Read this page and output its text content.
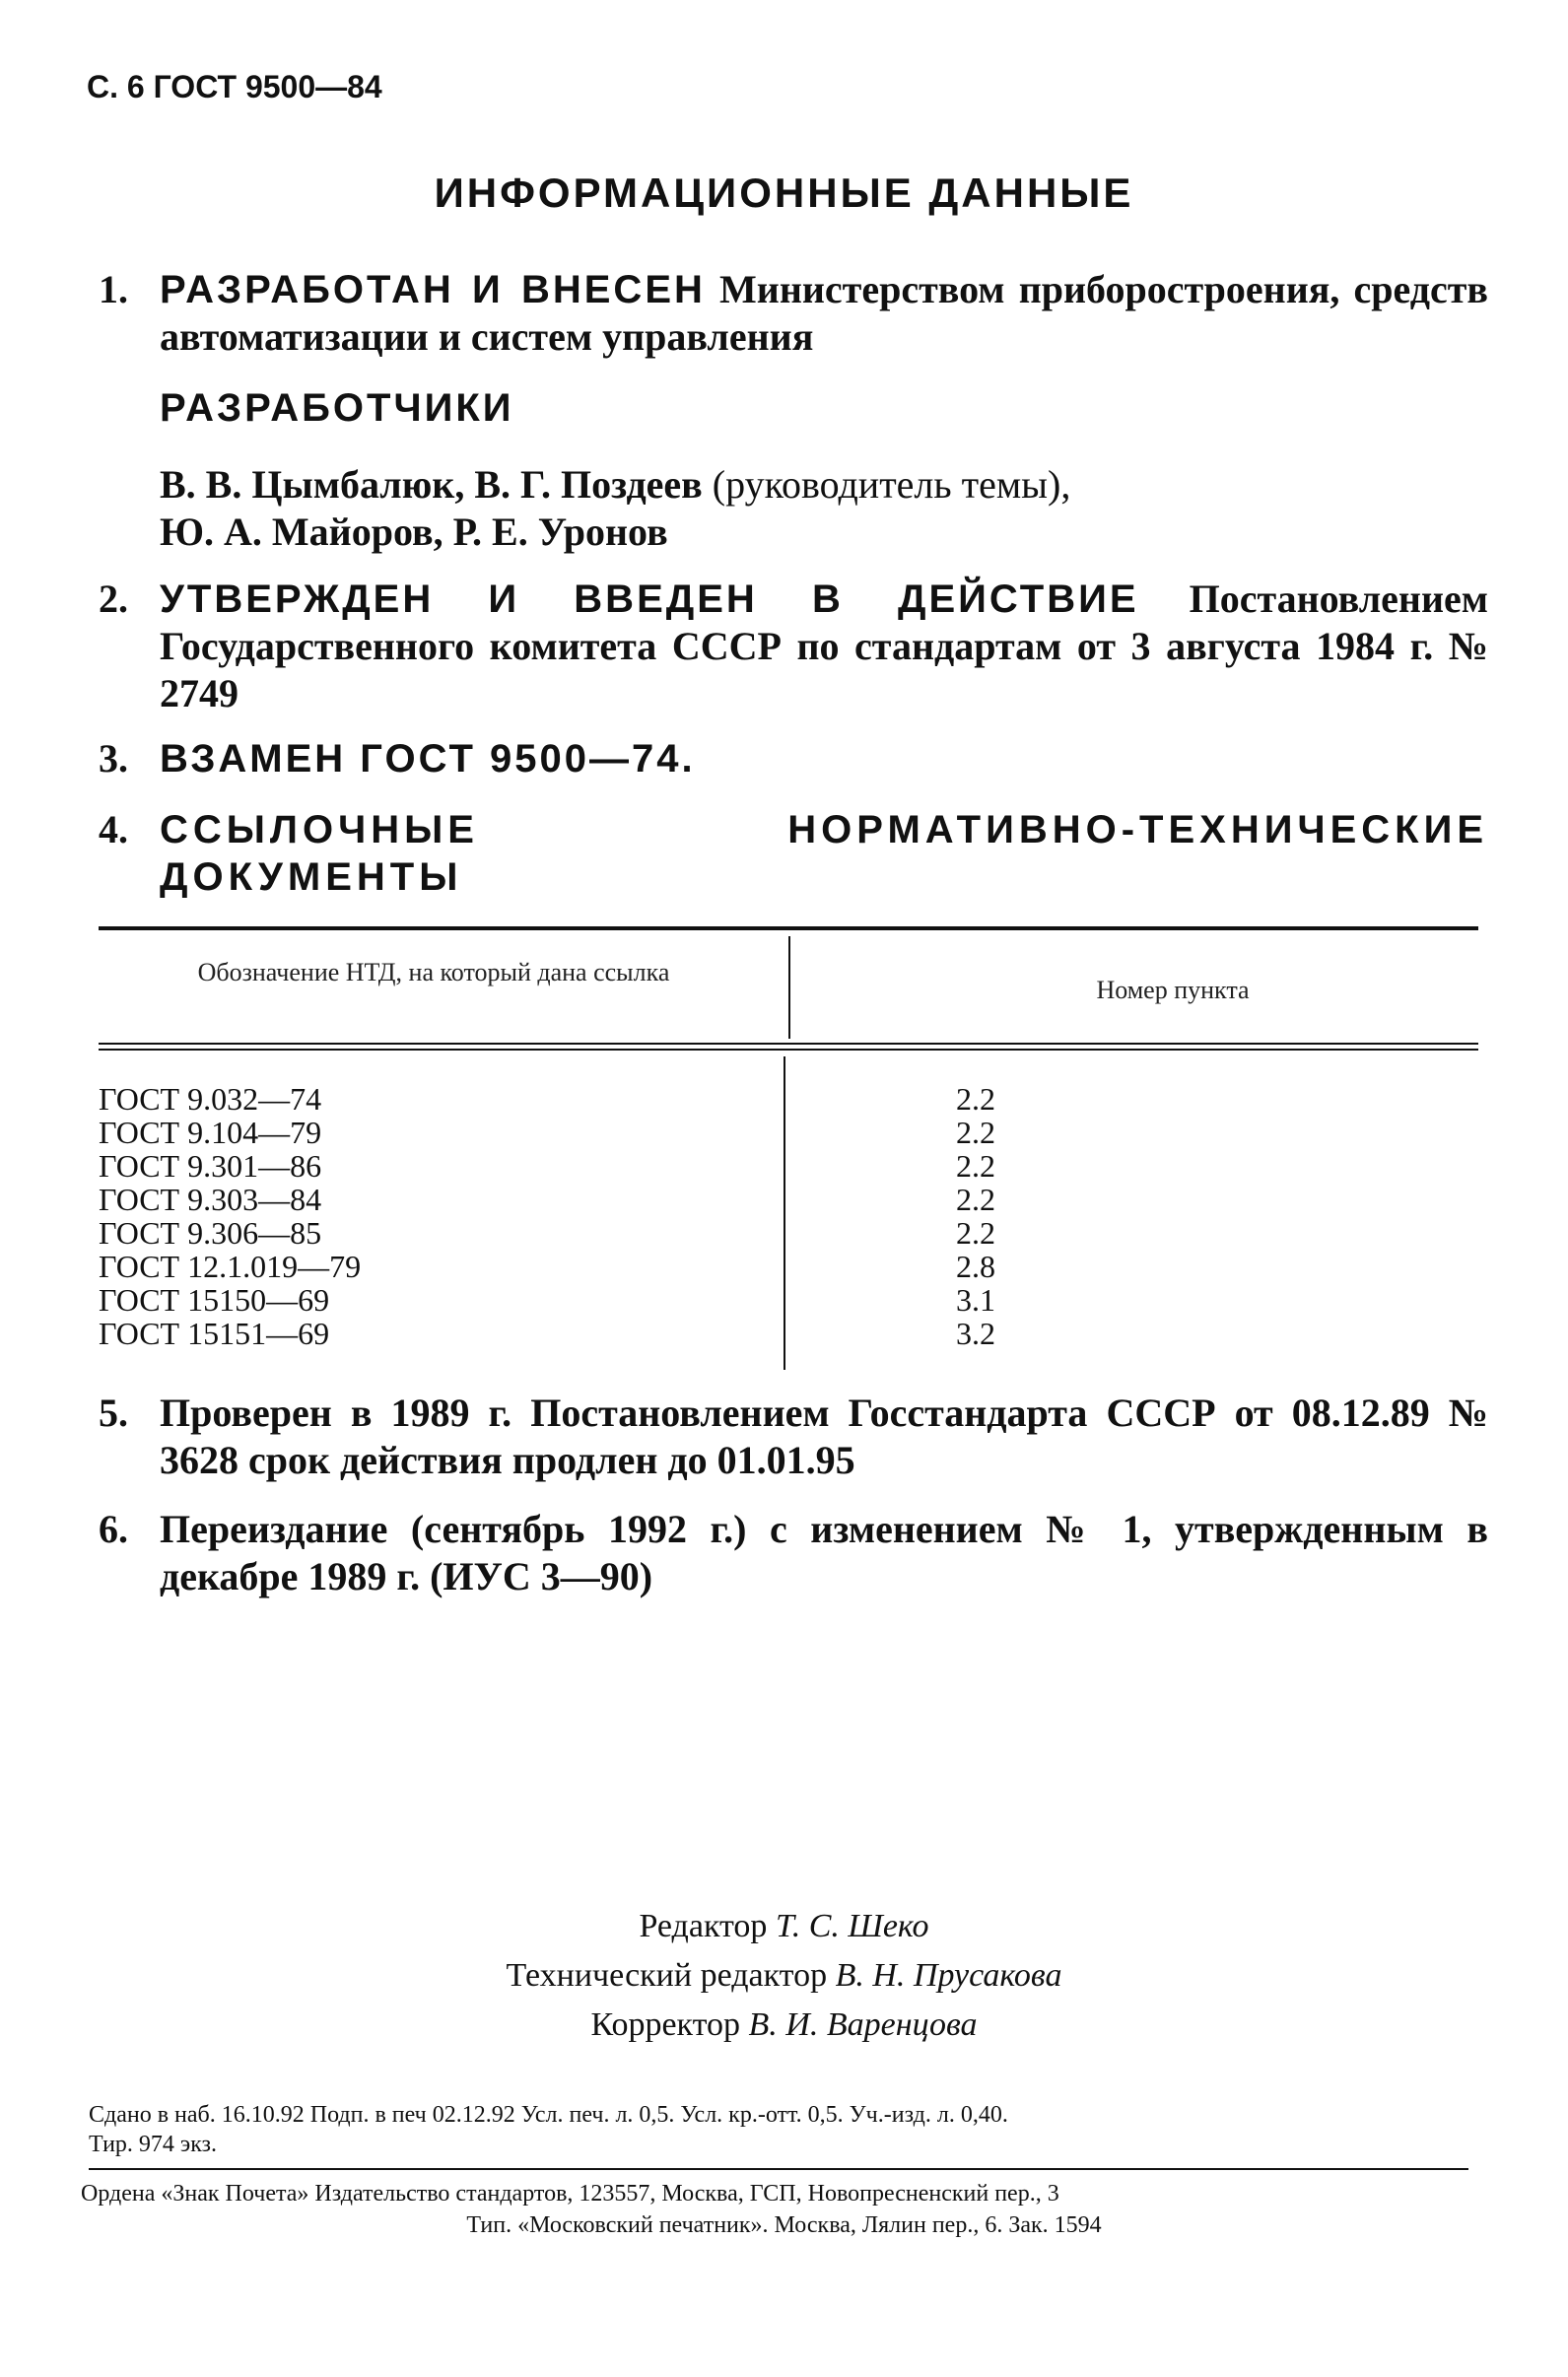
С. 6 ГОСТ 9500—84
ИНФОРМАЦИОННЫЕ ДАННЫЕ
1. РАЗРАБОТАН И ВНЕСЕН Министерством приборостроения, средств автоматизации и систем управления
РАЗРАБОТЧИКИ
В. В. Цымбалюк, В. Г. Поздеев (руководитель темы),
Ю. А. Майоров, Р. Е. Уронов
2. УТВЕРЖДЕН И ВВЕДЕН В ДЕЙСТВИЕ Постановлением Государственного комитета СССР по стандартам от 3 августа 1984 г. № 2749
3. ВЗАМЕН ГОСТ 9500—74.
4. ССЫЛОЧНЫЕ НОРМАТИВНО-ТЕХНИЧЕСКИЕ ДОКУМЕНТЫ
Обозначение НТД, на который дана ссылка
Номер пункта
ГОСТ 9.032—74
ГОСТ 9.104—79
ГОСТ 9.301—86
ГОСТ 9.303—84
ГОСТ 9.306—85
ГОСТ 12.1.019—79
ГОСТ 15150—69
ГОСТ 15151—69
2.2
2.2
2.2
2.2
2.2
2.8
3.1
3.2
5. Проверен в 1989 г. Постановлением Госстандарта СССР от 08.12.89 № 3628 срок действия продлен до 01.01.95
6. Переиздание (сентябрь 1992 г.) с изменением № 1, утвержденным в декабре 1989 г. (ИУС 3—90)
Редактор Т. С. Шеко
Технический редактор В. Н. Прусакова
Корректор В. И. Варенцова
Сдано в наб. 16.10.92 Подп. в печ 02.12.92 Усл. печ. л. 0,5. Усл. кр.-отт. 0,5. Уч.-изд. л. 0,40.
Тир. 974 экз.
Ордена «Знак Почета» Издательство стандартов, 123557, Москва, ГСП, Новопресненский пер., 3
Тип. «Московский печатник». Москва, Лялин пер., 6. Зак. 1594
